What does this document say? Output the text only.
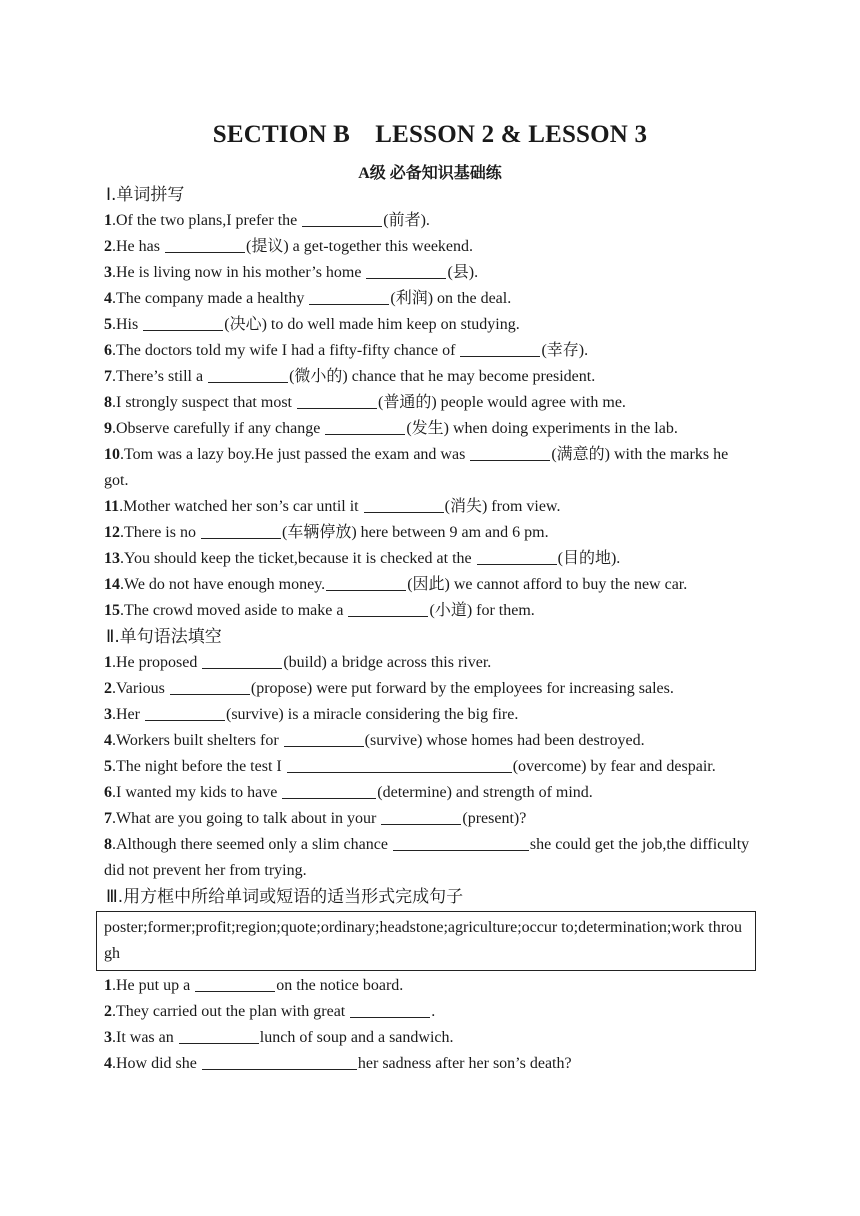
SECTION B　LESSON 2 & LESSON 3
A级 必备知识基础练
Ⅰ.单词拼写
1.Of the two plans,I prefer the	(前者).
2.He has	(提议) a get-together this weekend.
3.He is living now in his mother’s home	(县).
4.The company made a healthy	(利润) on the deal.
5.His	(决心) to do well made him keep on studying.
6.The doctors told my wife I had a fifty-fifty chance of	(幸存).
7.There’s still a	(微小的) chance that he may become president.
8.I strongly suspect that most	(普通的) people would agree with me.
9.Observe carefully if any change	(发生) when doing experiments in the lab.
10.Tom was a lazy boy.He just passed the exam and was	(满意的) with the marks he got.
11.Mother watched her son’s car until it	(消失) from view.
12.There is no	(车辆停放) here between 9 am and 6 pm.
13.You should keep the ticket,because it is checked at the	(目的地).
14.We do not have enough money.	(因此) we cannot afford to buy the new car.
15.The crowd moved aside to make a	(小道) for them.
Ⅱ.单句语法填空
1.He proposed	(build) a bridge across this river.
2.Various	(propose) were put forward by the employees for increasing sales.
3.Her	(survive) is a miracle considering the big fire.
4.Workers built shelters for	(survive) whose homes had been destroyed.
5.The night before the test I	(overcome) by fear and despair.
6.I wanted my kids to have	(determine) and strength of mind.
7.What are you going to talk about in your	(present)?
8.Although there seemed only a slim chance	she could get the job,the difficulty did not prevent her from trying.
Ⅲ.用方框中所给单词或短语的适当形式完成句子
poster;former;profit;region;quote;ordinary;headstone;agriculture;occur to;determination;work through
1.He put up a	on the notice board.
2.They carried out the plan with great	.
3.It was an	lunch of soup and a sandwich.
4.How did she	her sadness after her son’s death?
